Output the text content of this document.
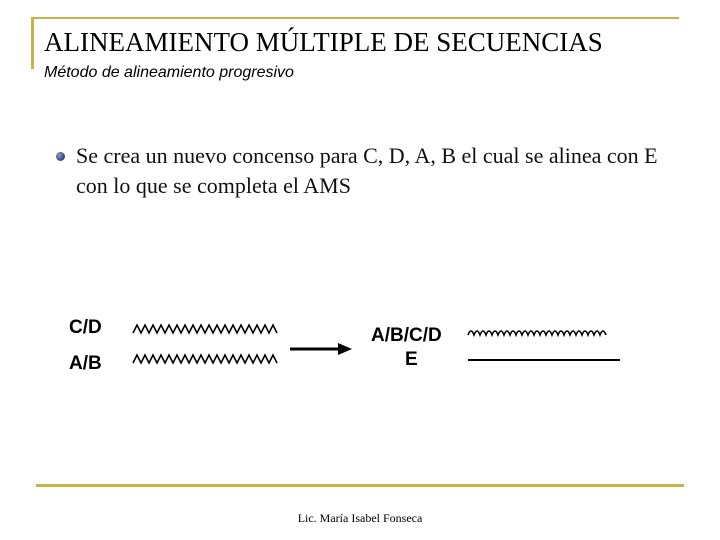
ALINEAMIENTO MÚLTIPLE DE SECUENCIAS
Método de alineamiento progresivo
Se crea un nuevo concenso para C, D, A, B el cual se alinea con E con lo que se completa el AMS
C/D
A/B
A/B/C/D
E
Lic. María Isabel Fonseca
